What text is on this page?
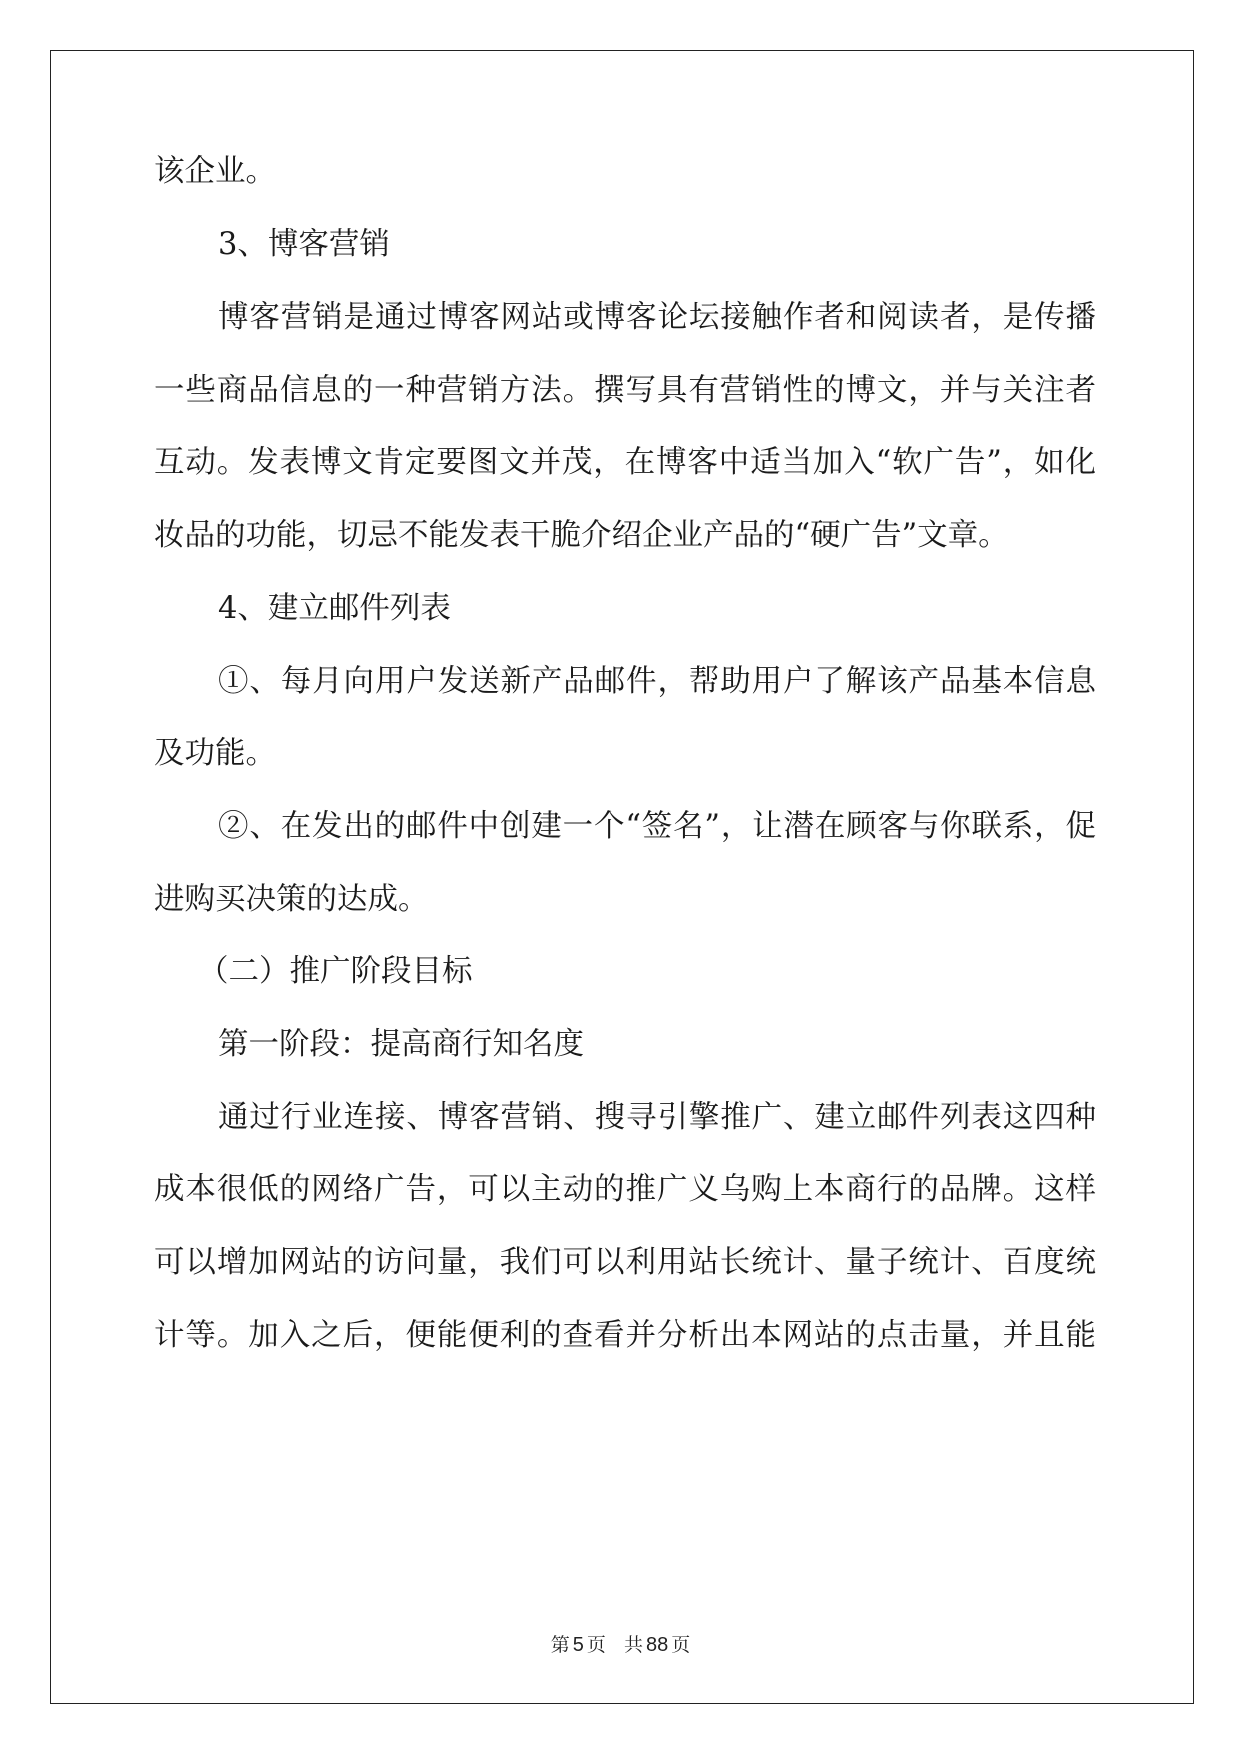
该企业。
3、博客营销
博客营销是通过博客网站或博客论坛接触作者和阅读者，是传播
一些商品信息的一种营销方法。撰写具有营销性的博文，并与关注者
互动。发表博文肯定要图文并茂，在博客中适当加入“软广告”，如化
妆品的功能，切忌不能发表干脆介绍企业产品的“硬广告”文章。
4、建立邮件列表
①、每月向用户发送新产品邮件，帮助用户了解该产品基本信息
及功能。
②、在发出的邮件中创建一个“签名”，让潜在顾客与你联系，促
进购买决策的达成。
（二）推广阶段目标
第一阶段：提高商行知名度
通过行业连接、博客营销、搜寻引擎推广、建立邮件列表这四种
成本很低的网络广告，可以主动的推广义乌购上本商行的品牌。这样
可以增加网站的访问量，我们可以利用站长统计、量子统计、百度统
计等。加入之后，便能便利的查看并分析出本网站的点击量，并且能
第 5 页 共 88 页
